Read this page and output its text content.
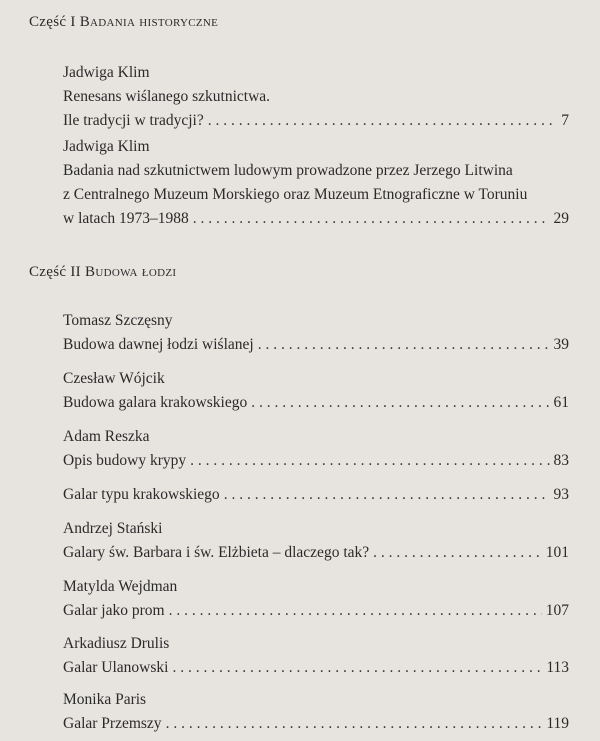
Część I Badania historyczne
Jadwiga Klim
Renesans wiślanego szkutnictwa.
Ile tradycji w tradycji? . . .	7
Jadwiga Klim
Badania nad szkutnictwem ludowym prowadzone przez Jerzego Litwina
z Centralnego Muzeum Morskiego oraz Muzeum Etnograficzne w Toruniu
w latach 1973–1988 . . .	29
Część II Budowa łodzi
Tomasz Szczęsny
Budowa dawnej łodzi wiślanej . . .	39
Czesław Wójcik
Budowa galara krakowskiego . . .	61
Adam Reszka
Opis budowy krypy . . .	83
Galar typu krakowskiego . . .	93
Andrzej Stański
Galary św. Barbara i św. Elżbieta – dlaczego tak? . . .	101
Matylda Wejdman
Galar jako prom . . .	107
Arkadiusz Drulis
Galar Ulanowski . . .	113
Monika Paris
Galar Przemszy . . .	119
